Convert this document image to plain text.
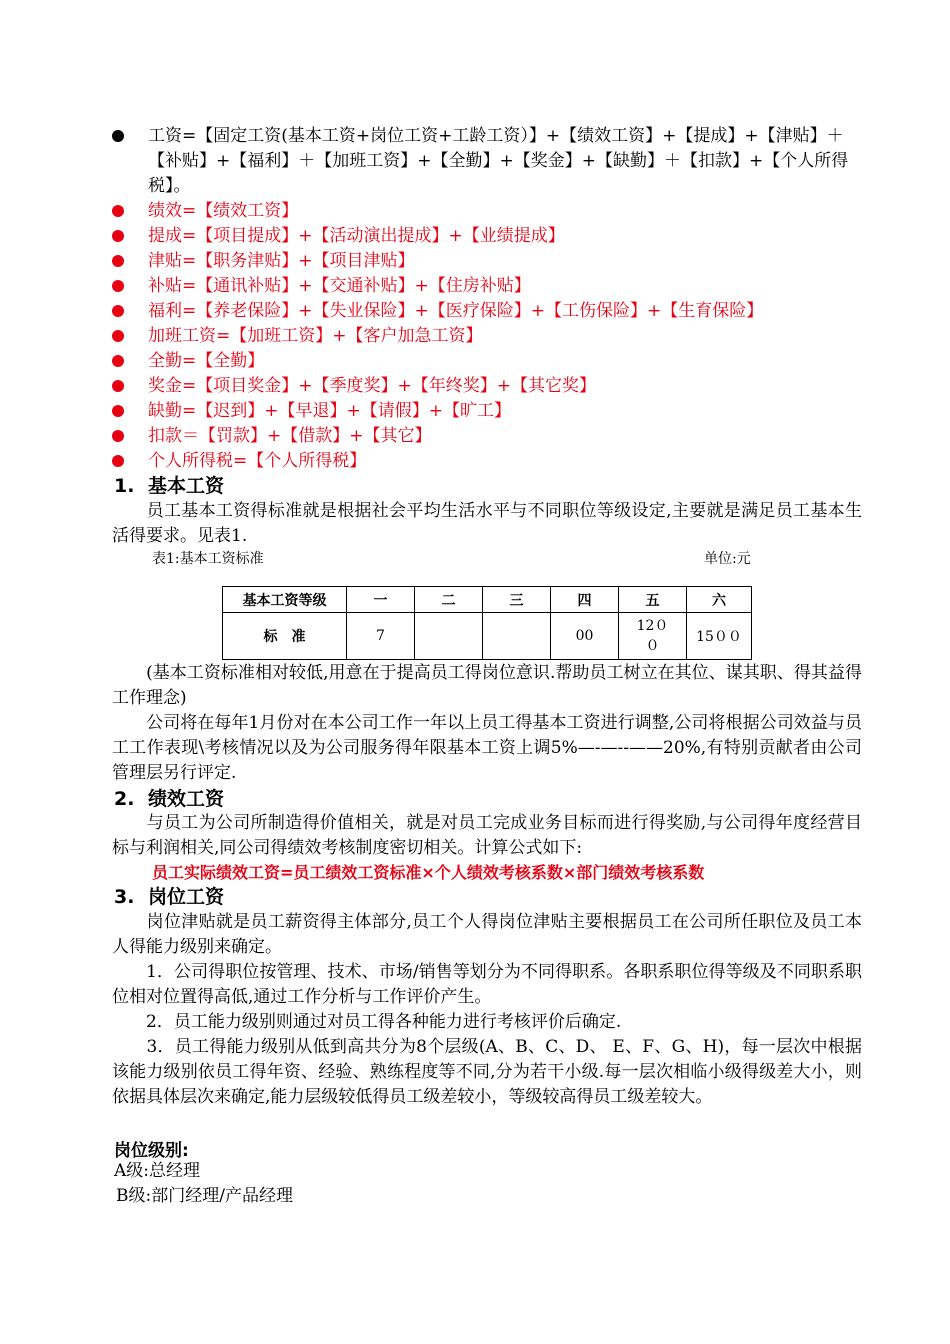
工资=【固定工资(基本工资+岗位工资+工龄工资）】+【绩效工资】+【提成】+【津贴】＋【补贴】+【福利】＋【加班工资】+【全勤】+【奖金】+【缺勤】＋【扣款】+【个人所得税】。
绩效=【绩效工资】
提成=【项目提成】+【活动演出提成】+【业绩提成】
津贴=【职务津贴】+【项目津贴】
补贴=【通讯补贴】+【交通补贴】+【住房补贴】
福利=【养老保险】+【失业保险】+【医疗保险】+【工伤保险】+【生育保险】
加班工资=【加班工资】+【客户加急工资】
全勤=【全勤】
奖金=【项目奖金】+【季度奖】+【年终奖】+【其它奖】
缺勤=【迟到】+【早退】+【请假】+【旷工】
扣款＝【罚款】+【借款】+【其它】
个人所得税=【个人所得税】
1. 基本工资
　　员工基本工资得标准就是根据社会平均生活水平与不同职位等级设定,主要就是满足员工基本生活得要求。见表1.
表1:基本工资标准	单位:元
基本工资等级	一	二	三	四	五	六
标　准	7			00	12００	15００
　　(基本工资标准相对较低,用意在于提高员工得岗位意识.帮助员工树立在其位、谋其职、得其益得工作理念)
　　公司将在每年1月份对在本公司工作一年以上员工得基本工资进行调整,公司将根据公司效益与员工工作表现\考核情况以及为公司服务得年限基本工资上调5%—-—--——20%,有特别贡献者由公司管理层另行评定.
2. 绩效工资
　　与员工为公司所制造得价值相关，就是对员工完成业务目标而进行得奖励,与公司得年度经营目标与利润相关,同公司得绩效考核制度密切相关。计算公式如下:
员工实际绩效工资=员工绩效工资标准×个人绩效考核系数×部门绩效考核系数
3. 岗位工资
　　岗位津贴就是员工薪资得主体部分,员工个人得岗位津贴主要根据员工在公司所任职位及员工本人得能力级别来确定。
　　1．公司得职位按管理、技术、市场/销售等划分为不同得职系。各职系职位得等级及不同职系职位相对位置得高低,通过工作分析与工作评价产生。
　　2．员工能力级别则通过对员工得各种能力进行考核评价后确定.
　　3．员工得能力级别从低到高共分为8个层级(A、B、C、D、 E、F、G、H)，每一层次中根据该能力级别依员工得年资、经验、熟练程度等不同,分为若干小级.每一层次相临小级得级差大小，则依据具体层次来确定,能力层级较低得员工级差较小，等级较高得员工级差较大。
岗位级别:
A级:总经理
B级:部门经理/产品经理
